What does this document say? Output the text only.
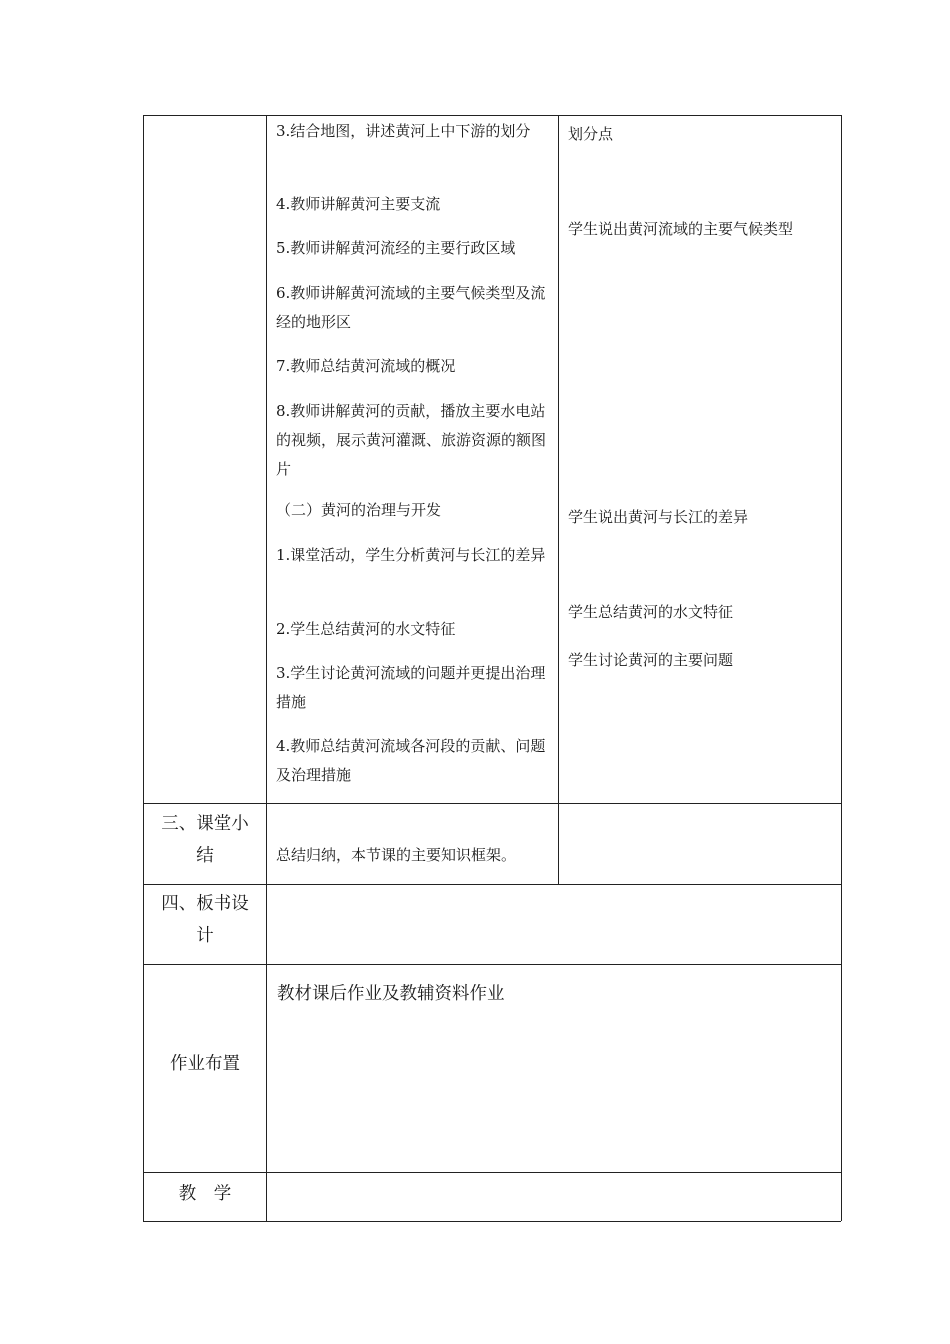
3.结合地图，讲述黄河上中下游的划分
4.教师讲解黄河主要支流
5.教师讲解黄河流经的主要行政区域
6.教师讲解黄河流域的主要气候类型及流经的地形区
7.教师总结黄河流域的概况
8.教师讲解黄河的贡献，播放主要水电站的视频，展示黄河灌溉、旅游资源的额图片
（二）黄河的治理与开发
1.课堂活动，学生分析黄河与长江的差异
2.学生总结黄河的水文特征
3.学生讨论黄河流域的问题并更提出治理措施
4.教师总结黄河流域各河段的贡献、问题及治理措施
划分点
学生说出黄河流域的主要气候类型
学生说出黄河与长江的差异
学生总结黄河的水文特征
学生讨论黄河的主要问题
三、课堂小
结	总结归纳，本节课的主要知识框架。
四、板书设
计
作业布置
教材课后作业及教辅资料作业
教　学
